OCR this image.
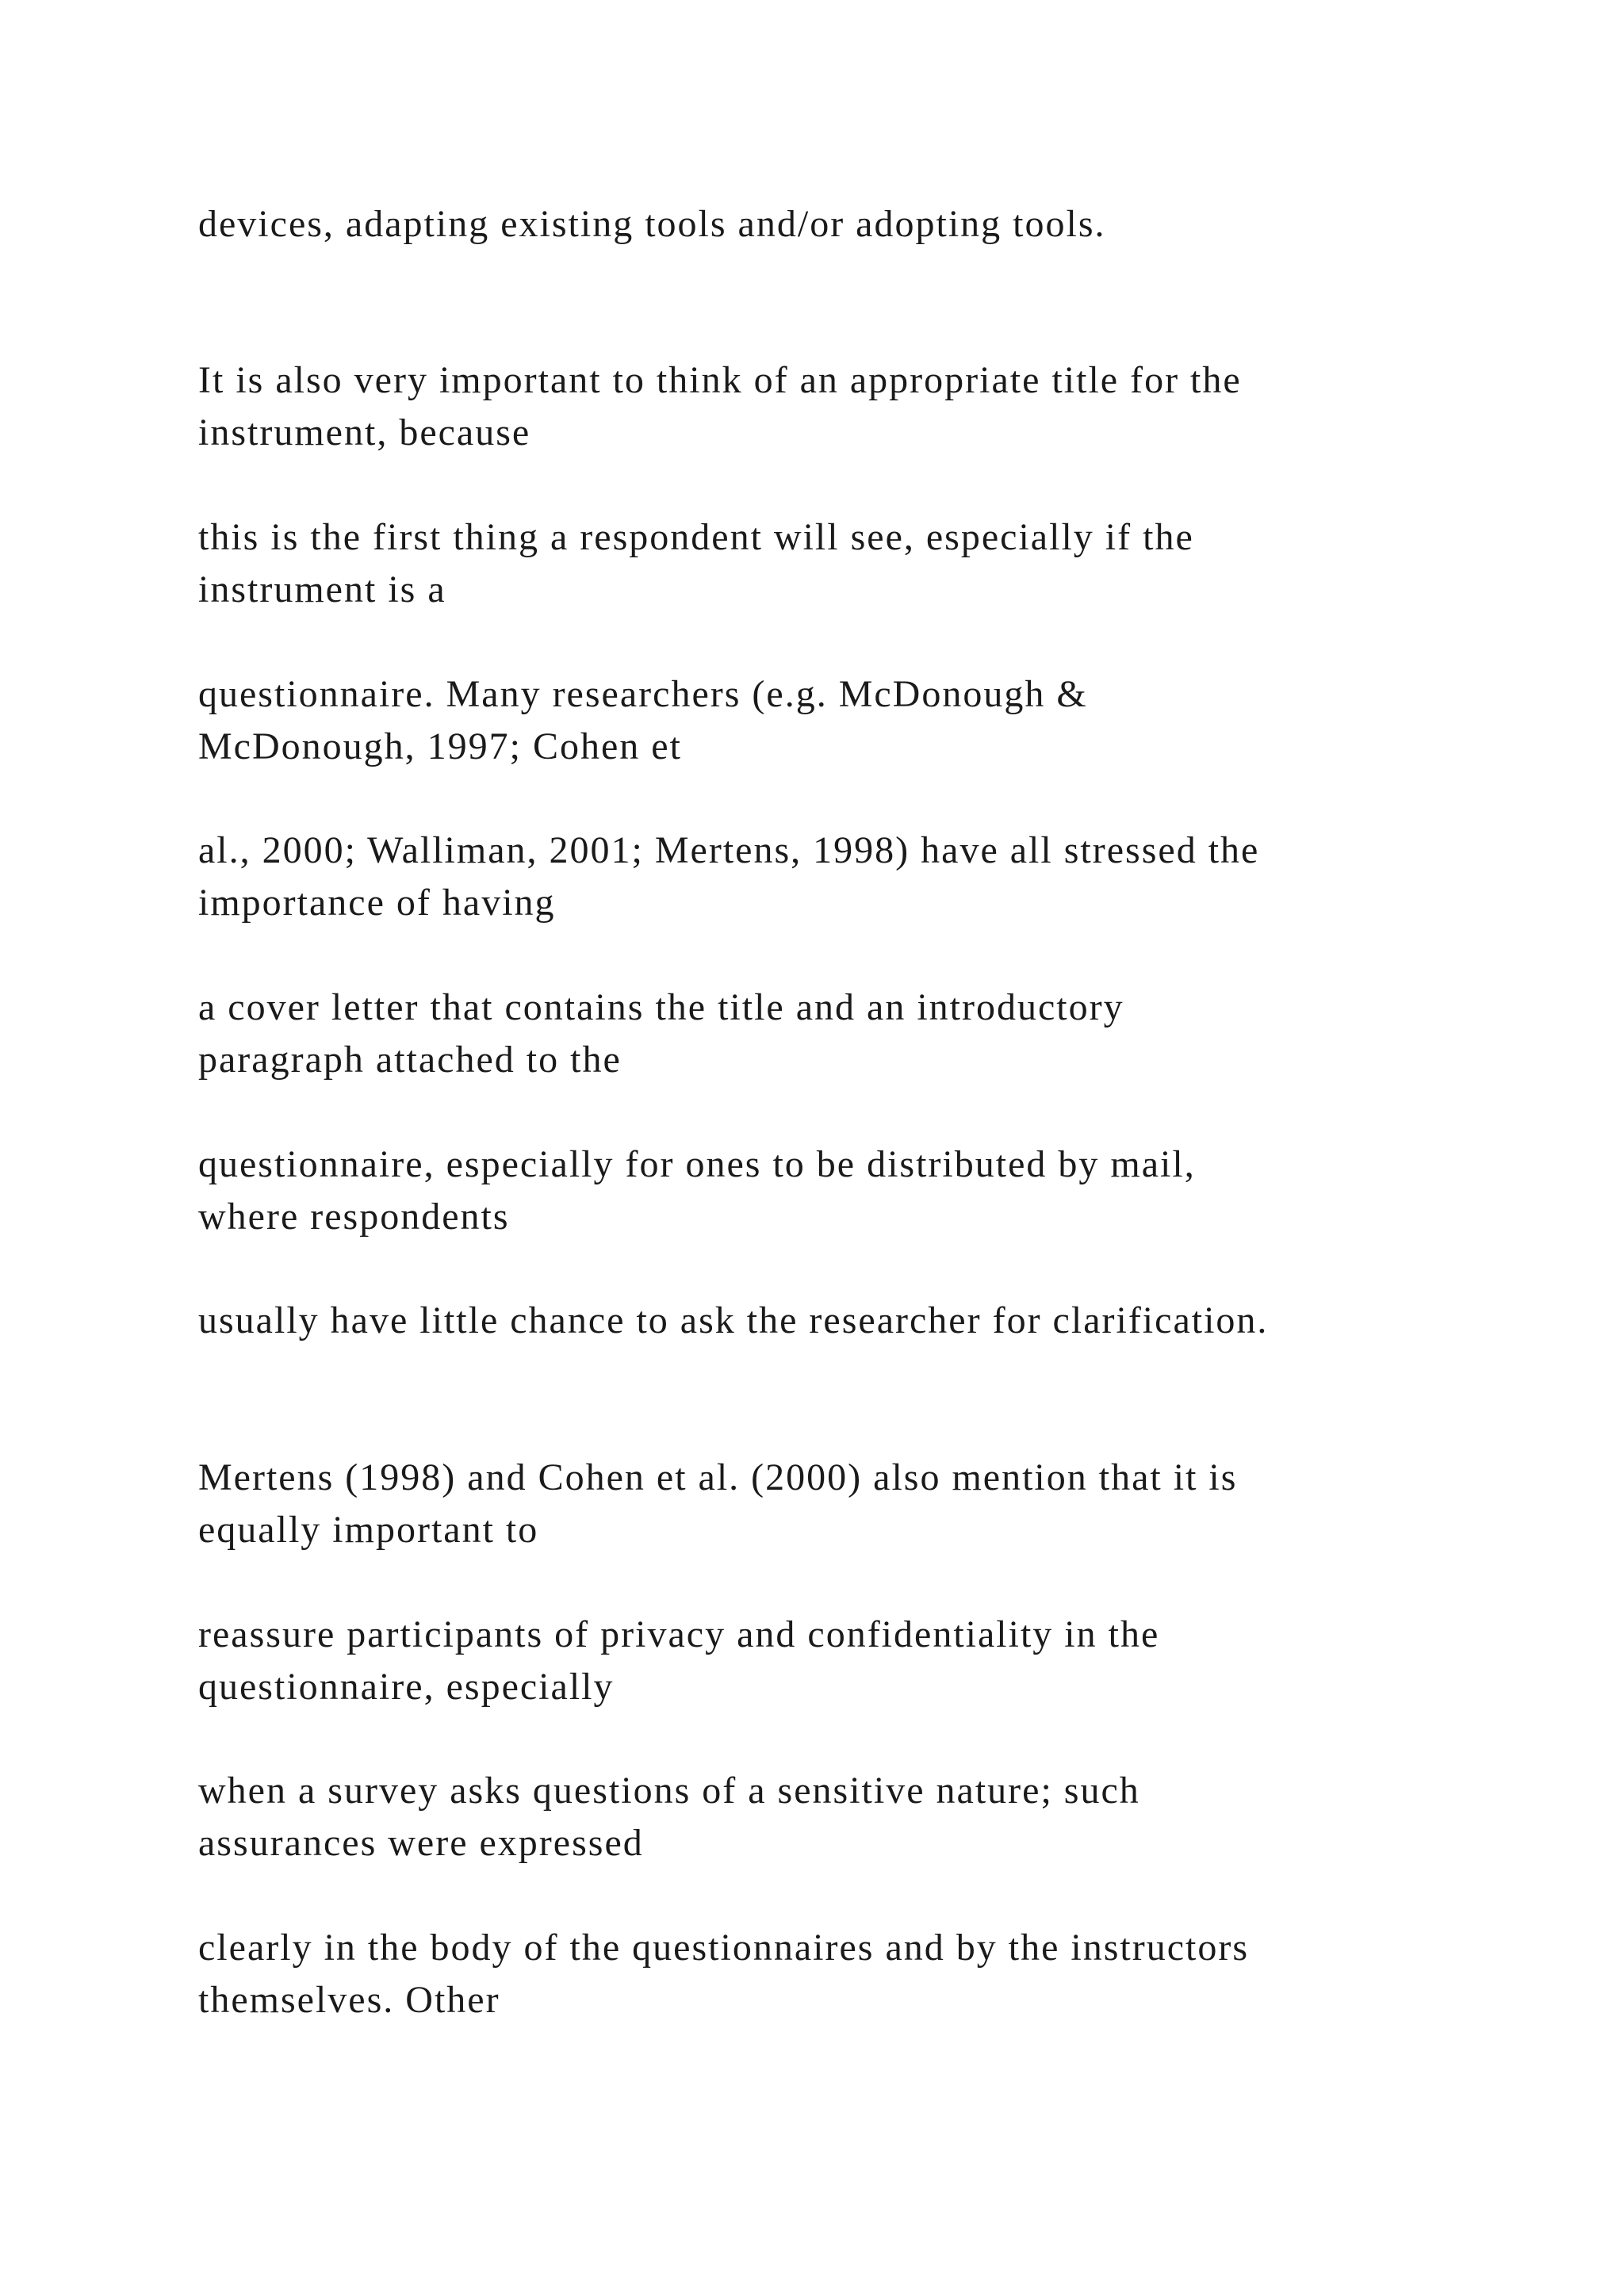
devices, adapting existing tools and/or adopting tools.

It is also very important to think of an appropriate title for the
instrument, because

this is the first thing a respondent will see, especially if the
instrument is a

questionnaire. Many researchers (e.g. McDonough &
McDonough, 1997; Cohen et

al., 2000; Walliman, 2001; Mertens, 1998) have all stressed the
importance of having

a cover letter that contains the title and an introductory
paragraph attached to the

questionnaire, especially for ones to be distributed by mail,
where respondents

usually have little chance to ask the researcher for clarification.

Mertens (1998) and Cohen et al. (2000) also mention that it is
equally important to

reassure participants of privacy and confidentiality in the
questionnaire, especially

when a survey asks questions of a sensitive nature; such
assurances were expressed

clearly in the body of the questionnaires and by the instructors
themselves. Other
